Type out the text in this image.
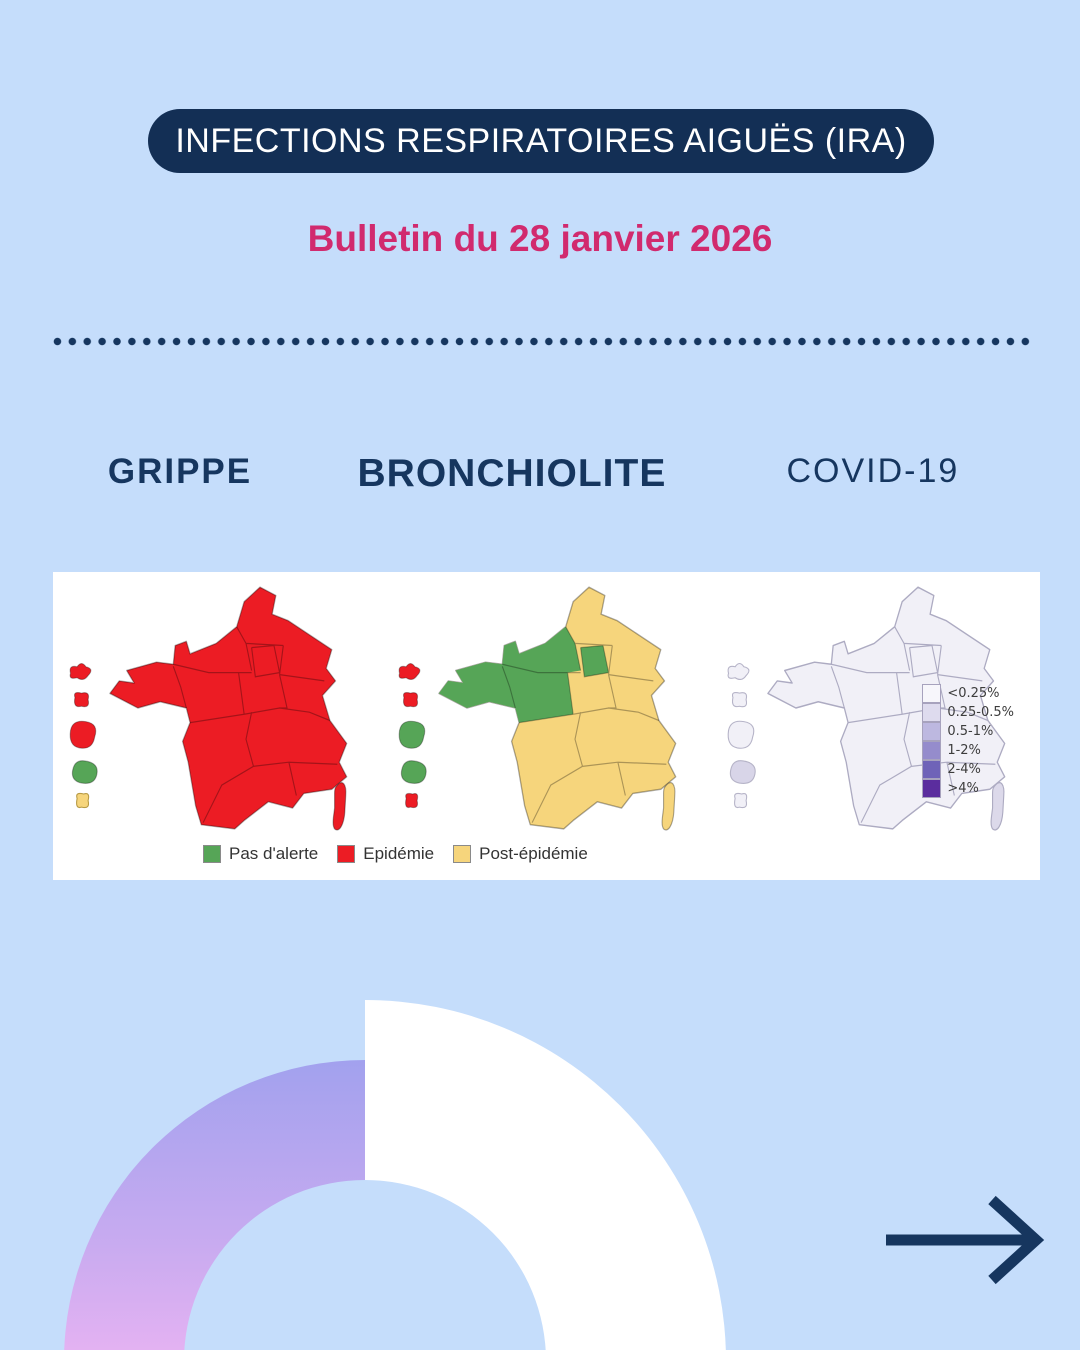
INFECTIONS RESPIRATOIRES AIGUËS (IRA)
Bulletin du 28 janvier 2026
GRIPPE	BRONCHIOLITE	COVID-19
Pas d'alerte	Epidémie	Post-épidémie
<0.25%
0.25-0.5%
0.5-1%
1-2%
2-4%
>4%
